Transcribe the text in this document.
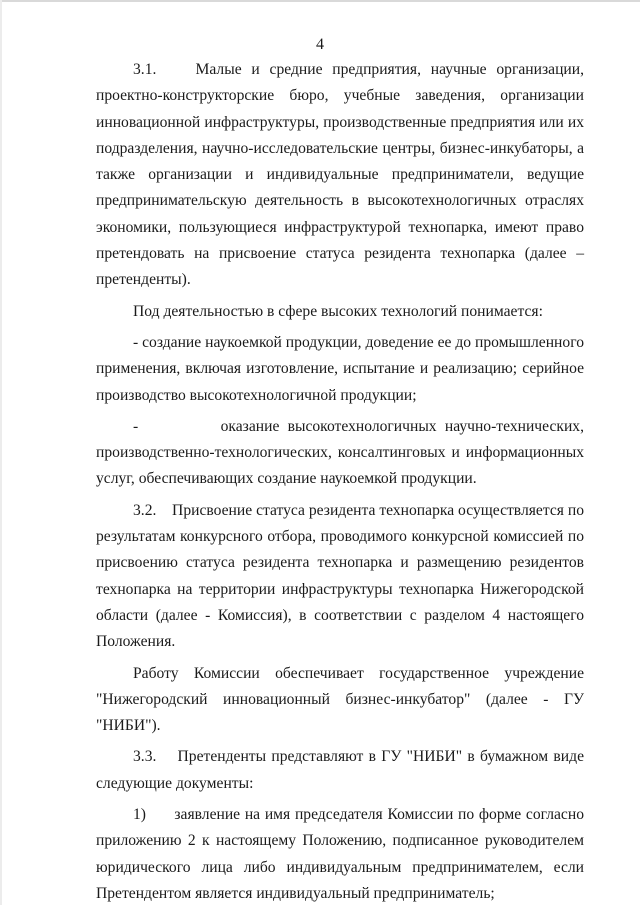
4

3.1.    Малые и средние предприятия, научные организации, проектно-конструкторские бюро, учебные заведения, организации инновационной инфраструктуры, производственные предприятия или их подразделения, научно-исследовательские центры, бизнес-инкубаторы, а также организации и индивидуальные предприниматели, ведущие предпринимательскую деятельность в высокотехнологичных отраслях экономики, пользующиеся инфраструктурой технопарка, имеют право претендовать на присвоение статуса резидента технопарка (далее – претенденты).

Под деятельностью в сфере высоких технологий понимается:

- создание наукоемкой продукции, доведение ее до промышленного применения, включая изготовление, испытание и реализацию; серийное производство высокотехнологичной продукции;

-          оказание высокотехнологичных научно-технических, производственно-технологических, консалтинговых и информационных услуг, обеспечивающих создание наукоемкой продукции.

3.2.    Присвоение статуса резидента технопарка осуществляется по результатам конкурсного отбора, проводимого конкурсной комиссией по присвоению статуса резидента технопарка и размещению резидентов технопарка на территории инфраструктуры технопарка Нижегородской области (далее - Комиссия), в соответствии с разделом 4 настоящего Положения.

Работу Комиссии обеспечивает государственное учреждение "Нижегородский инновационный бизнес-инкубатор" (далее - ГУ "НИБИ").

3.3.    Претенденты представляют в ГУ "НИБИ" в бумажном виде следующие документы:

1)      заявление на имя председателя Комиссии по форме согласно приложению 2 к настоящему Положению, подписанное руководителем юридического лица либо индивидуальным предпринимателем, если Претендентом является индивидуальный предприниматель;
